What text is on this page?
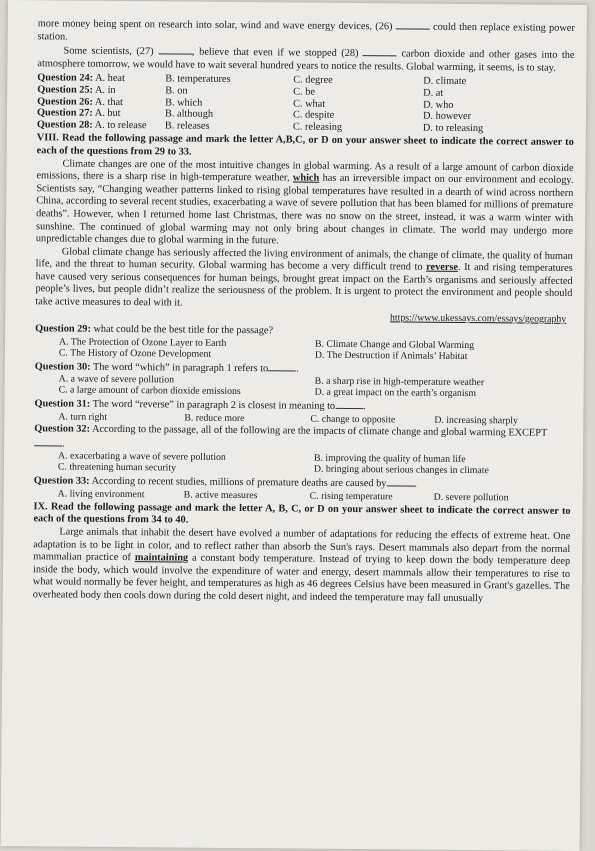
more money being spent on research into solar, wind and wave energy devices, (26)	could then replace existing power station.

Some scientists, (27)	, believe that even if we stopped (28)	carbon dioxide and other gases into the atmosphere tomorrow, we would have to wait several hundred years to notice the results. Global warming, it seems, is to stay.

Question 24: A. heat	B. temperatures	C. degree	D. climate
Question 25: A. in	B. on	C. be	D. at
Question 26: A. that	B. which	C. what	D. who
Question 27: A. but	B. although	C. despite	D. however
Question 28: A. to release	B. releases	C. releasing	D. to releasing

VIII. Read the following passage and mark the letter A,B,C, or D on your answer sheet to indicate the correct answer to each of the questions from 29 to 33.

Climate changes are one of the most intuitive changes in global warming. As a result of a large amount of carbon dioxide emissions, there is a sharp rise in high-temperature weather, which has an irreversible impact on our environment and ecology. Scientists say, “Changing weather patterns linked to rising global temperatures have resulted in a dearth of wind across northern China, according to several recent studies, exacerbating a wave of severe pollution that has been blamed for millions of premature deaths”. However, when I returned home last Christmas, there was no snow on the street, instead, it was a warm winter with sunshine. The continued of global warming may not only bring about changes in climate. The world may undergo more unpredictable changes due to global warming in the future.

Global climate change has seriously affected the living environment of animals, the change of climate, the quality of human life, and the threat to human security. Global warming has become a very difficult trend to reverse. It and rising temperatures have caused very serious consequences for human beings, brought great impact on the Earth’s organisms and seriously affected people’s lives, but people didn’t realize the seriousness of the problem. It is urgent to protect the environment and people should take active measures to deal with it.

https://www.ukessays.com/essays/geography
Question 29: what could be the best title for the passage?
A. The Protection of Ozone Layer to Earth	B. Climate Change and Global Warming
C. The History of Ozone Development	D. The Destruction if Animals’ Habitat
Question 30: The word “which” in paragraph 1 refers to	.
A. a wave of severe pollution	B. a sharp rise in high-temperature weather
C. a large amount of carbon dioxide emissions	D. a great impact on the earth’s organism
Question 31: The word “reverse” in paragraph 2 is closest in meaning to	.
A. turn right	B. reduce more	C. change to opposite	D. increasing sharply
Question 32: According to the passage, all of the following are the impacts of climate change and global warming EXCEPT.
A. exacerbating a wave of severe pollution	B. improving the quality of human life
C. threatening human security	D. bringing about serious changes in climate
Question 33: According to recent studies, millions of premature deaths are caused by	.
A. living environment	B. active measures	C. rising temperature	D. severe pollution

IX. Read the following passage and mark the letter A, B, C, or D on your answer sheet to indicate the correct answer to each of the questions from 34 to 40.

Large animals that inhabit the desert have evolved a number of adaptations for reducing the effects of extreme heat. One adaptation is to be light in color, and to reflect rather than absorb the Sun's rays. Desert mammals also depart from the normal mammalian practice of maintaining a constant body temperature. Instead of trying to keep down the body temperature deep inside the body, which would involve the expenditure of water and energy, desert mammals allow their temperatures to rise to what would normally be fever height, and temperatures as high as 46 degrees Celsius have been measured in Grant's gazelles. The overheated body then cools down during the cold desert night, and indeed the temperature may fall unusually
